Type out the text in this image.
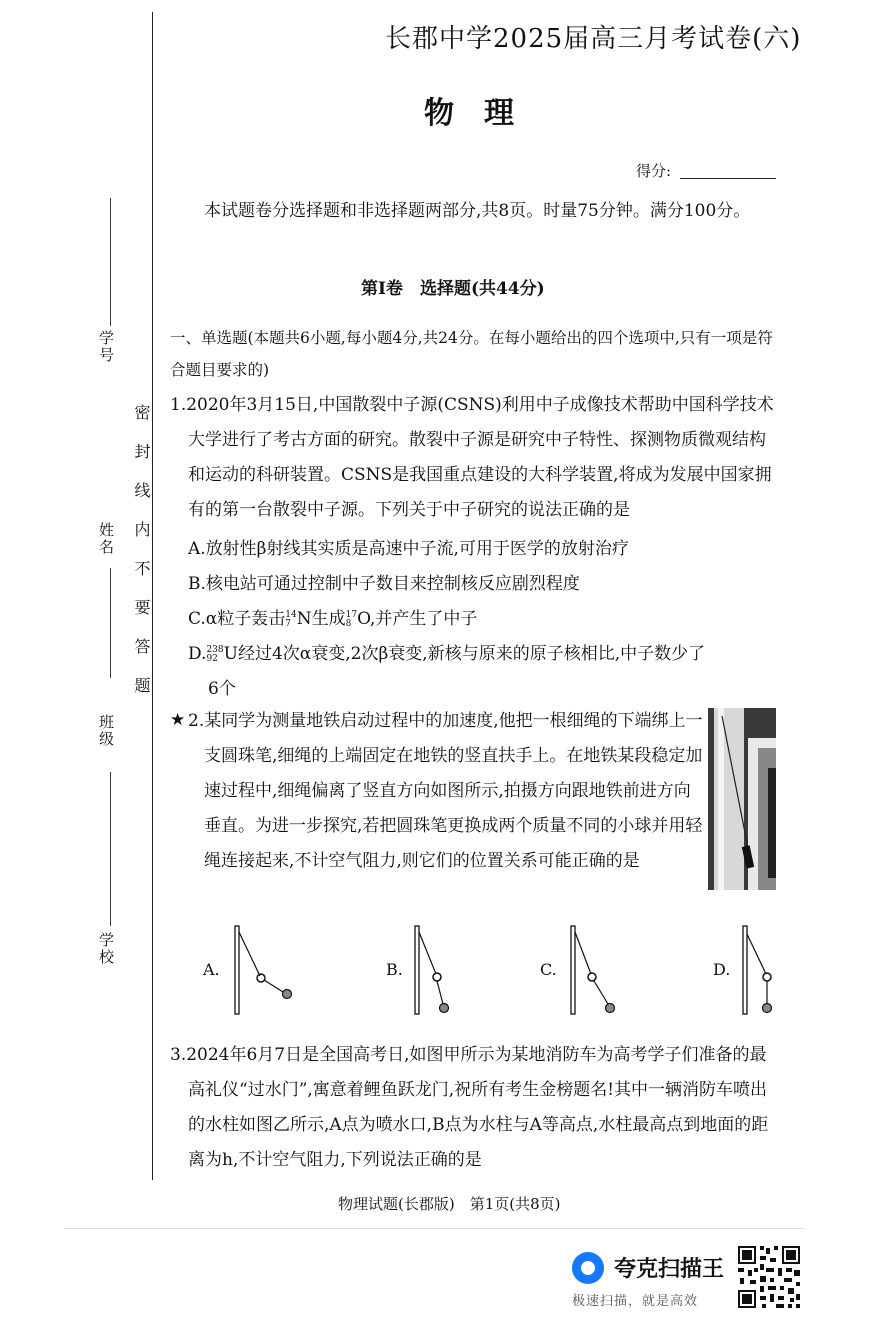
学号
姓名
班级
学校
密封线内不要答题
长郡中学2025届高三月考试卷(六)
物理
得分:
本试题卷分选择题和非选择题两部分,共8页。时量75分钟。满分100分。
第Ⅰ卷　选择题(共44分)
一、单选题(本题共6小题,每小题4分,共24分。在每小题给出的四个选项中,只有一项是符合题目要求的)
1.2020年3月15日,中国散裂中子源(CSNS)利用中子成像技术帮助中国科学技术大学进行了考古方面的研究。散裂中子源是研究中子特性、探测物质微观结构和运动的科研装置。CSNS是我国重点建设的大科学装置,将成为发展中国家拥有的第一台散裂中子源。下列关于中子研究的说法正确的是
A.放射性β射线其实质是高速中子流,可用于医学的放射治疗
B.核电站可通过控制中子数目来控制核反应剧烈程度
C.α粒子轰击 14
7 N生成 17
8 O,并产生了中子
D. 238
92 U经过4次α衰变,2次β衰变,新核与原来的原子核相比,中子数少了
6个
★ 2.某同学为测量地铁启动过程中的加速度,他把一根细绳的下端绑上一支圆珠笔,细绳的上端固定在地铁的竖直扶手上。在地铁某段稳定加速过程中,细绳偏离了竖直方向如图所示,拍摄方向跟地铁前进方向垂直。为进一步探究,若把圆珠笔更换成两个质量不同的小球并用轻绳连接起来,不计空气阻力,则它们的位置关系可能正确的是
A.	B.	C.	D.
3.2024年6月7日是全国高考日,如图甲所示为某地消防车为高考学子们准备的最高礼仪“过水门”,寓意着鲤鱼跃龙门,祝所有考生金榜题名!其中一辆消防车喷出的水柱如图乙所示,A点为喷水口,B点为水柱与A等高点,水柱最高点到地面的距离为h,不计空气阻力,下列说法正确的是
物理试题(长郡版)　第1页(共8页)
夸克扫描王
极速扫描，就是高效
